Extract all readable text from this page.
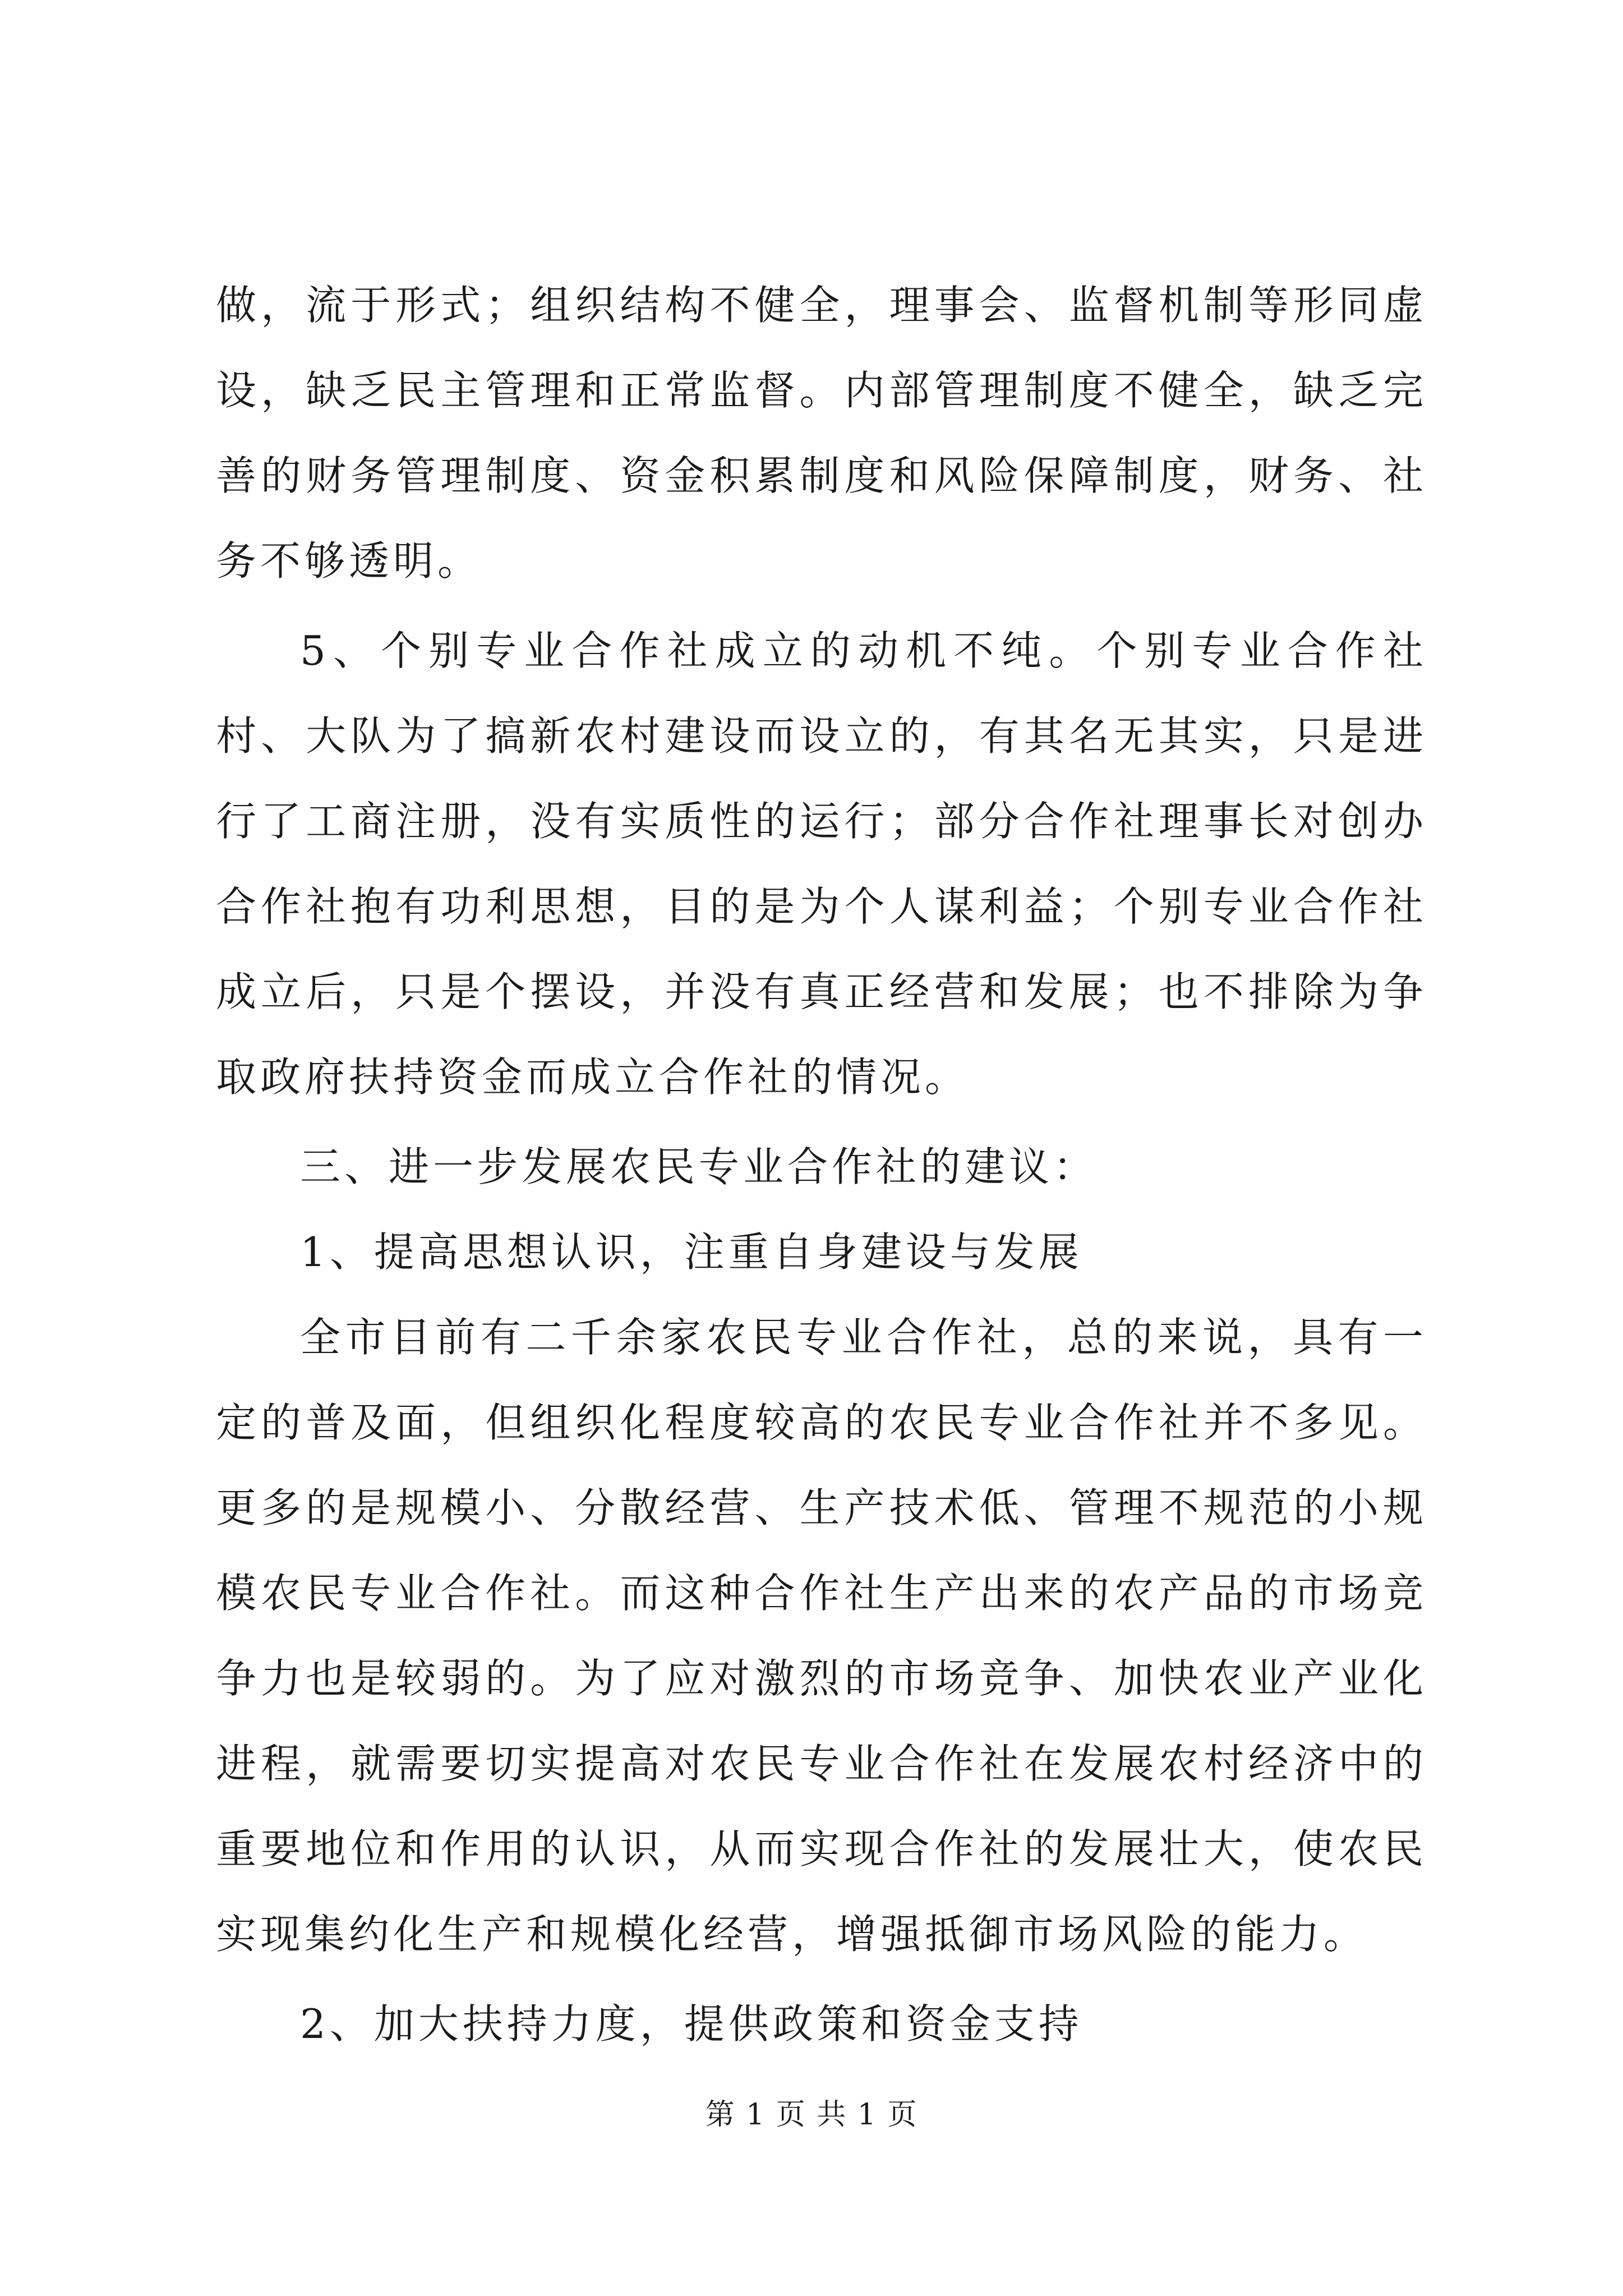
做，流于形式；组织结构不健全，理事会、监督机制等形同虚设，缺乏民主管理和正常监督。内部管理制度不健全，缺乏完善的财务管理制度、资金积累制度和风险保障制度，财务、社务不够透明。

5、个别专业合作社成立的动机不纯。个别专业合作社村、大队为了搞新农村建设而设立的，有其名无其实，只是进行了工商注册，没有实质性的运行；部分合作社理事长对创办合作社抱有功利思想，目的是为个人谋利益；个别专业合作社成立后，只是个摆设，并没有真正经营和发展；也不排除为争取政府扶持资金而成立合作社的情况。

三、进一步发展农民专业合作社的建议：

1、提高思想认识，注重自身建设与发展

全市目前有二千余家农民专业合作社，总的来说，具有一定的普及面，但组织化程度较高的农民专业合作社并不多见。更多的是规模小、分散经营、生产技术低、管理不规范的小规模农民专业合作社。而这种合作社生产出来的农产品的市场竞争力也是较弱的。为了应对激烈的市场竞争、加快农业产业化进程，就需要切实提高对农民专业合作社在发展农村经济中的重要地位和作用的认识，从而实现合作社的发展壮大，使农民实现集约化生产和规模化经营，增强抵御市场风险的能力。

2、加大扶持力度，提供政策和资金支持

第 1 页 共 1 页
